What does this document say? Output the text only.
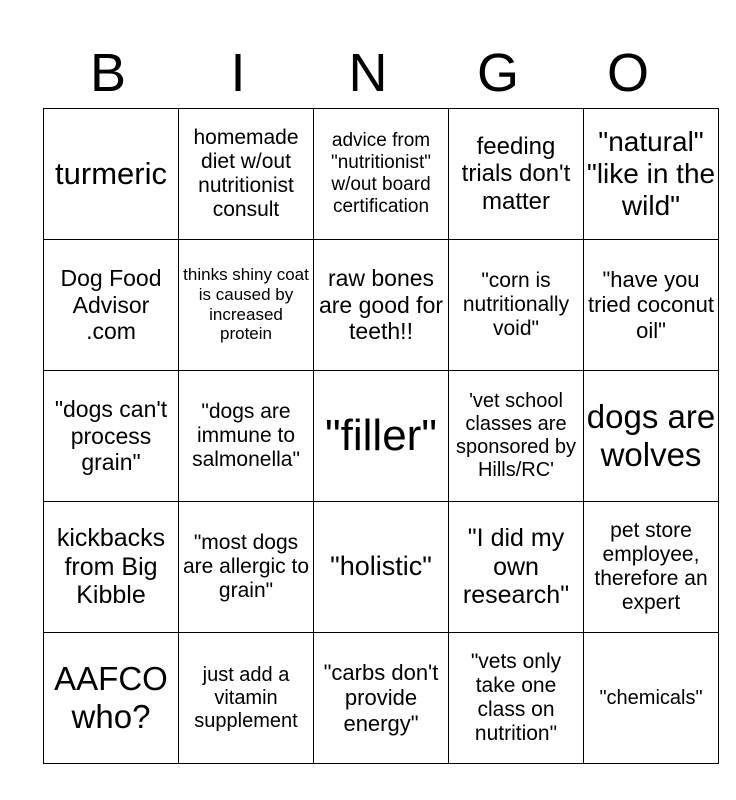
B	I	N	G	O
turmeric	homemade diet w/out nutritionist consult	advice from "nutritionist" w/out board certification	feeding trials don't matter	"natural" "like in the wild"
Dog Food Advisor .com	thinks shiny coat is caused by increased protein	raw bones are good for teeth!!	"corn is nutritionally void"	"have you tried coconut oil"
"dogs can't process grain"	"dogs are immune to salmonella"	"filler"	'vet school classes are sponsored by Hills/RC'	dogs are wolves
kickbacks from Big Kibble	"most dogs are allergic to grain"	"holistic"	"I did my own research"	pet store employee, therefore an expert
AAFCO who?	just add a vitamin supplement	"carbs don't provide energy"	"vets only take one class on nutrition"	"chemicals"
